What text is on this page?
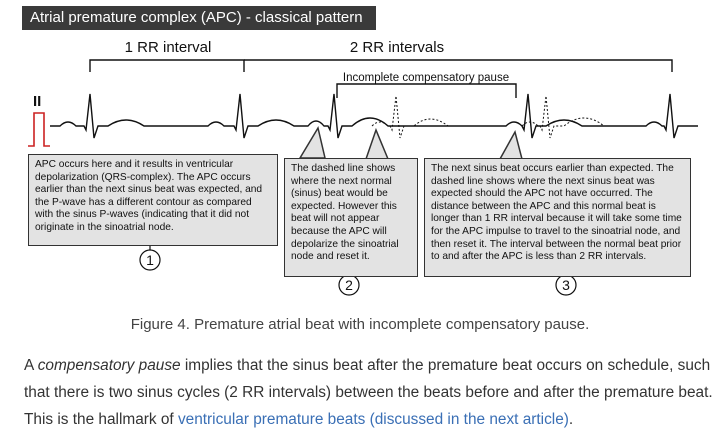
Atrial premature complex (APC) - classical pattern
1 RR interval	2 RR intervals
Incomplete compensatory pause
II
1
2	3
APC occurs here and it results in ventricular depolarization (QRS-complex). The APC occurs earlier than the next sinus beat was expected, and the P-wave has a different contour as compared with the sinus P-waves (indicating that it did not originate in the sinoatrial node.
The dashed line shows where the next normal (sinus) beat would be expected. However this beat will not appear because the APC will depolarize the sinoatrial node and reset it.
The next sinus beat occurs earlier than expected. The dashed line shows where the next sinus beat was expected should the APC not have occurred. The distance between the APC and this normal beat is longer than 1 RR interval because it will take some time for the APC impulse to travel to the sinoatrial node, and then reset it. The interval between the normal beat prior to and after the APC is less than 2 RR intervals.
Figure 4. Premature atrial beat with incomplete compensatory pause.

A compensatory pause implies that the sinus beat after the premature beat occurs on schedule, such that there is two sinus cycles (2 RR intervals) between the beats before and after the premature beat. This is the hallmark of ventricular premature beats (discussed in the next article).
